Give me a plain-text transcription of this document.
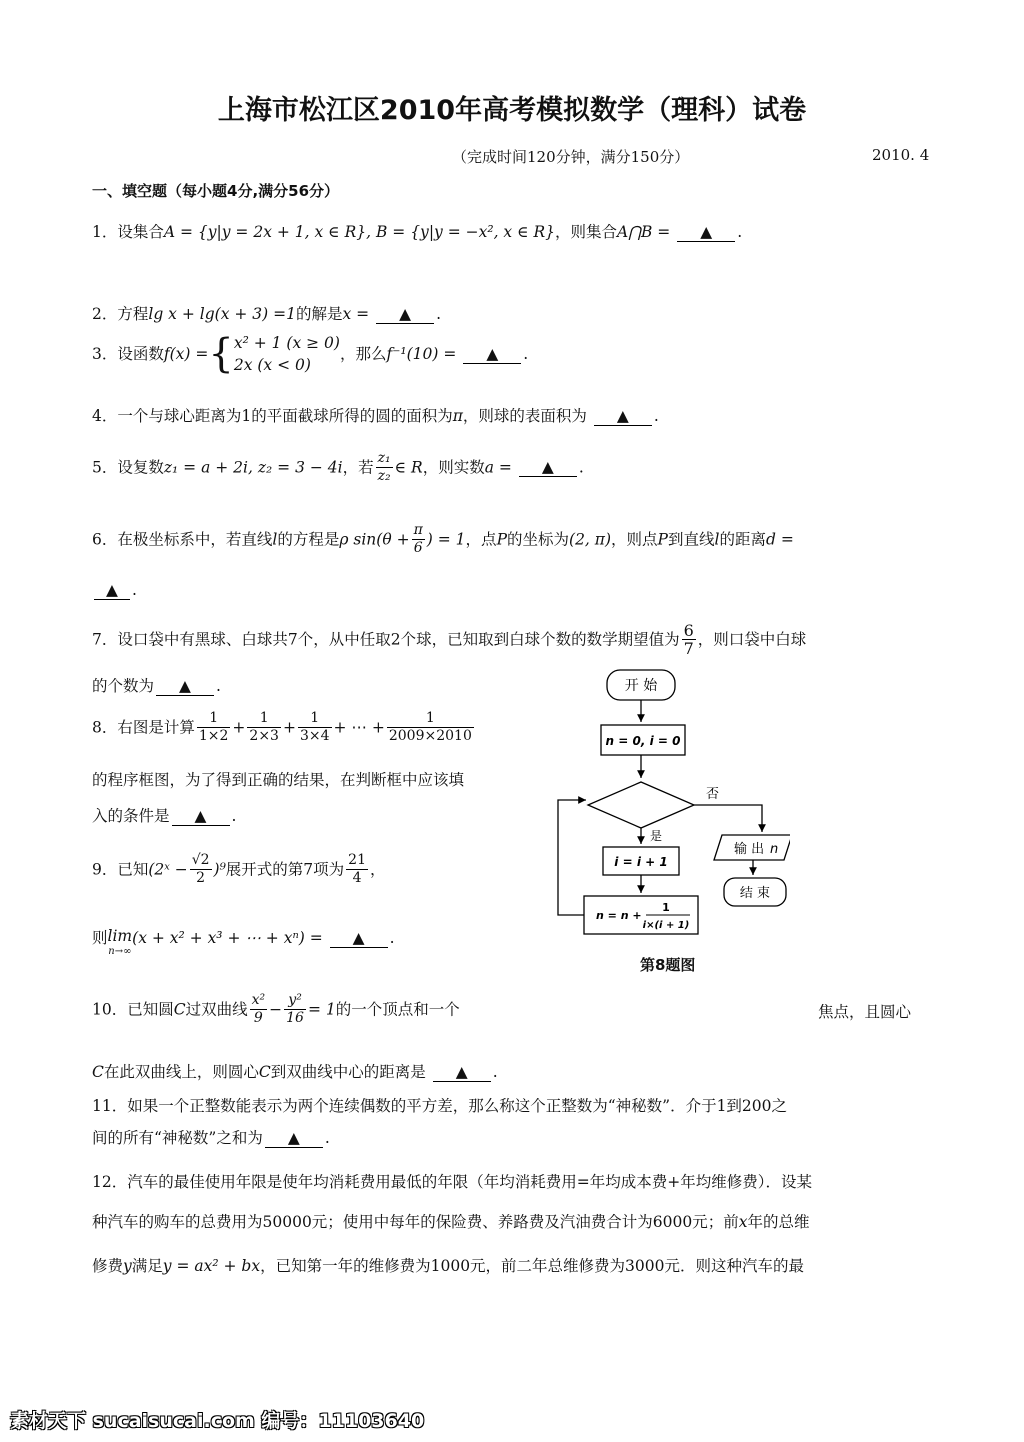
上海市松江区2010年高考模拟数学（理科）试卷
（完成时间120分钟，满分150分）	2010. 4
一、填空题（每小题4分,满分56分）
1．设集合A = {y|y = 2x + 1, x ∈ R}, B = {y|y = −x², x ∈ R}，则集合A⋂B = ▲ .
2．方程lg x + lg(x + 3) =1的解是x = ▲ .
3．设函数f(x) ={ x² + 1 (x ≥ 0)
2x (x < 0)
，那么f⁻¹(10) = ▲ .
4．一个与球心距离为1的平面截球所得的圆的面积为π，则球的表面积为 ▲ .
5．设复数z₁ = a + 2i, z₂ = 3 − 4i，若 $\frac{\text{z₁}}{\text{z₂}}$ ∈ R，则实数a = ▲ .
6．在极坐标系中，若直线l的方程是ρ $\sin(\theta + \frac{\pi}{6}$ ) = 1，点P的坐标为(2, π)，则点P到直线l的距离d =
▲ .
7．设口袋中有黑球、白球共7个，从中任取2个球，已知取到白球个数的数学期望值为 $\frac{6}{7}$ ，则口袋中白球
的个数为 ▲ .
8．右图是计算 $\frac{1}{1\times 2} + \frac{1}{2\times 3} + \frac{1}{3\times 4}$ + ⋯ + $\frac{1}{2009\times 2010}$
的程序框图，为了得到正确的结果，在判断框中应该填
入的条件是 ▲ .
9．已知(2ˣ − $\frac{√2}{2} )^9$展开式的第7项为 $\frac{21}{4}$ ，
则 lim
n→∞
(x + x² + x³ + ⋯ + xⁿ) = ▲ .
10．已知圆C过双曲线 $\frac{\text{x²}}{9} - \frac{\text{y²}}{16} = 1$的一个顶点和一个	焦点，且圆心
C在此双曲线上，则圆心C到双曲线中心的距离是 ▲ .
11．如果一个正整数能表示为两个连续偶数的平方差，那么称这个正整数为“神秘数”．介于1到200之
间的所有“神秘数”之和为 ▲ .
12．汽车的最佳使用年限是使年均消耗费用最低的年限（年均消耗费用=年均成本费+年均维修费）．设某
种汽车的购车的总费用为50000元；使用中每年的保险费、养路费及汽油费合计为6000元；前x年的总维
修费y满足y = ax² + bx，已知第一年的维修费为1000元，前二年总维修费为3000元．则这种汽车的最
开 始
n = 0, i = 0
否
是
i = i + 1
n = n +
1
i×(i + 1)
输 出 n
结 束
第8题图
素材天下 sucaisucai.com 编号：11103640
